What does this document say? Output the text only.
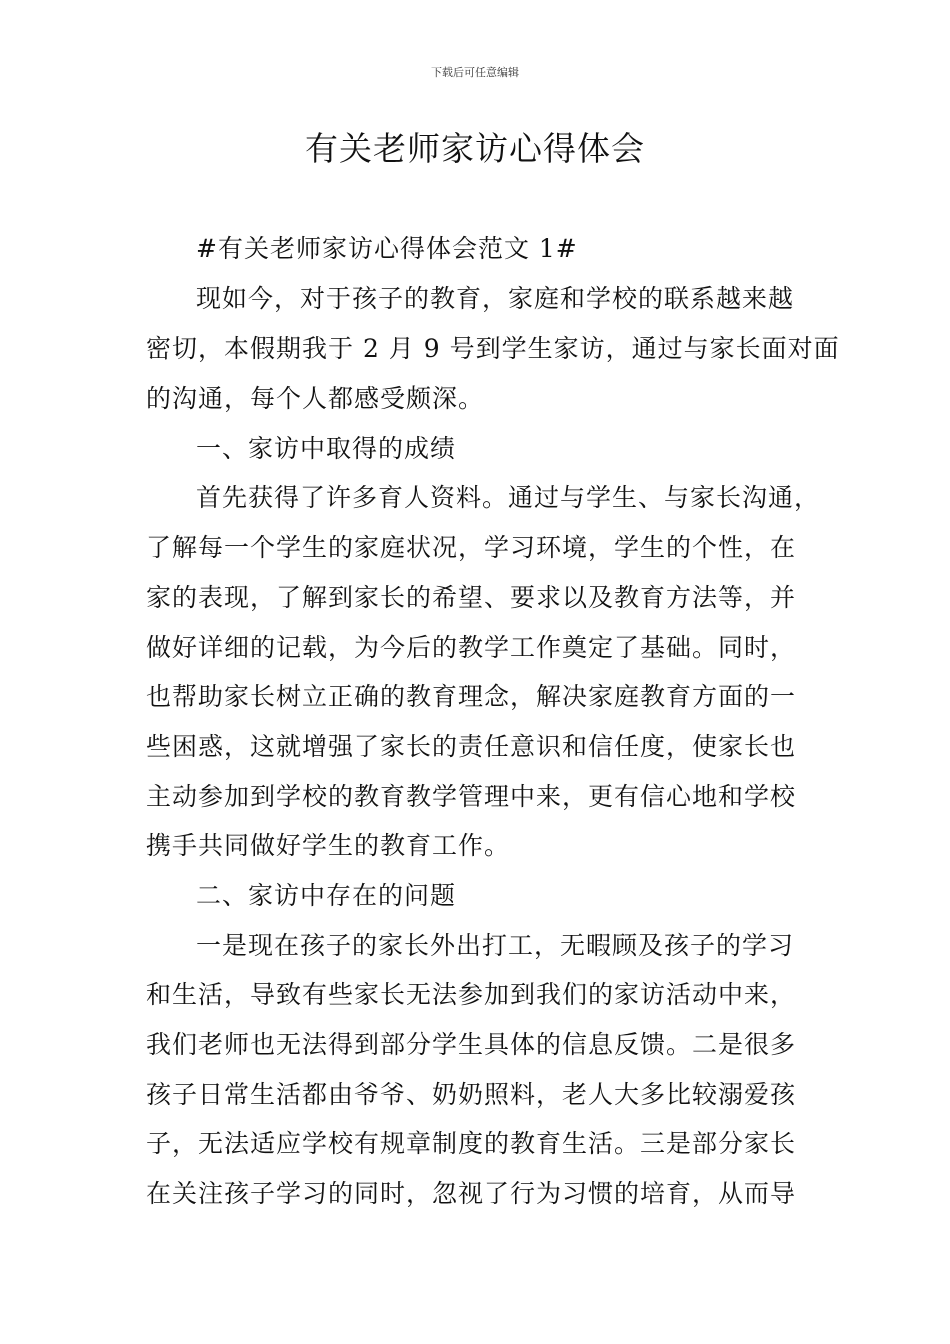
下载后可任意编辑
有关老师家访心得体会
#有关老师家访心得体会范文 1#
现如今，对于孩子的教育，家庭和学校的联系越来越
密切，本假期我于 2 月 9 号到学生家访，通过与家长面对面
的沟通，每个人都感受颇深。
一、家访中取得的成绩
首先获得了许多育人资料。通过与学生、与家长沟通，
了解每一个学生的家庭状况，学习环境，学生的个性，在
家的表现，了解到家长的希望、要求以及教育方法等，并
做好详细的记载，为今后的教学工作奠定了基础。同时，
也帮助家长树立正确的教育理念，解决家庭教育方面的一
些困惑，这就增强了家长的责任意识和信任度，使家长也
主动参加到学校的教育教学管理中来，更有信心地和学校
携手共同做好学生的教育工作。
二、家访中存在的问题
一是现在孩子的家长外出打工，无暇顾及孩子的学习
和生活，导致有些家长无法参加到我们的家访活动中来，
我们老师也无法得到部分学生具体的信息反馈。二是很多
孩子日常生活都由爷爷、奶奶照料，老人大多比较溺爱孩
子，无法适应学校有规章制度的教育生活。三是部分家长
在关注孩子学习的同时，忽视了行为习惯的培育，从而导
